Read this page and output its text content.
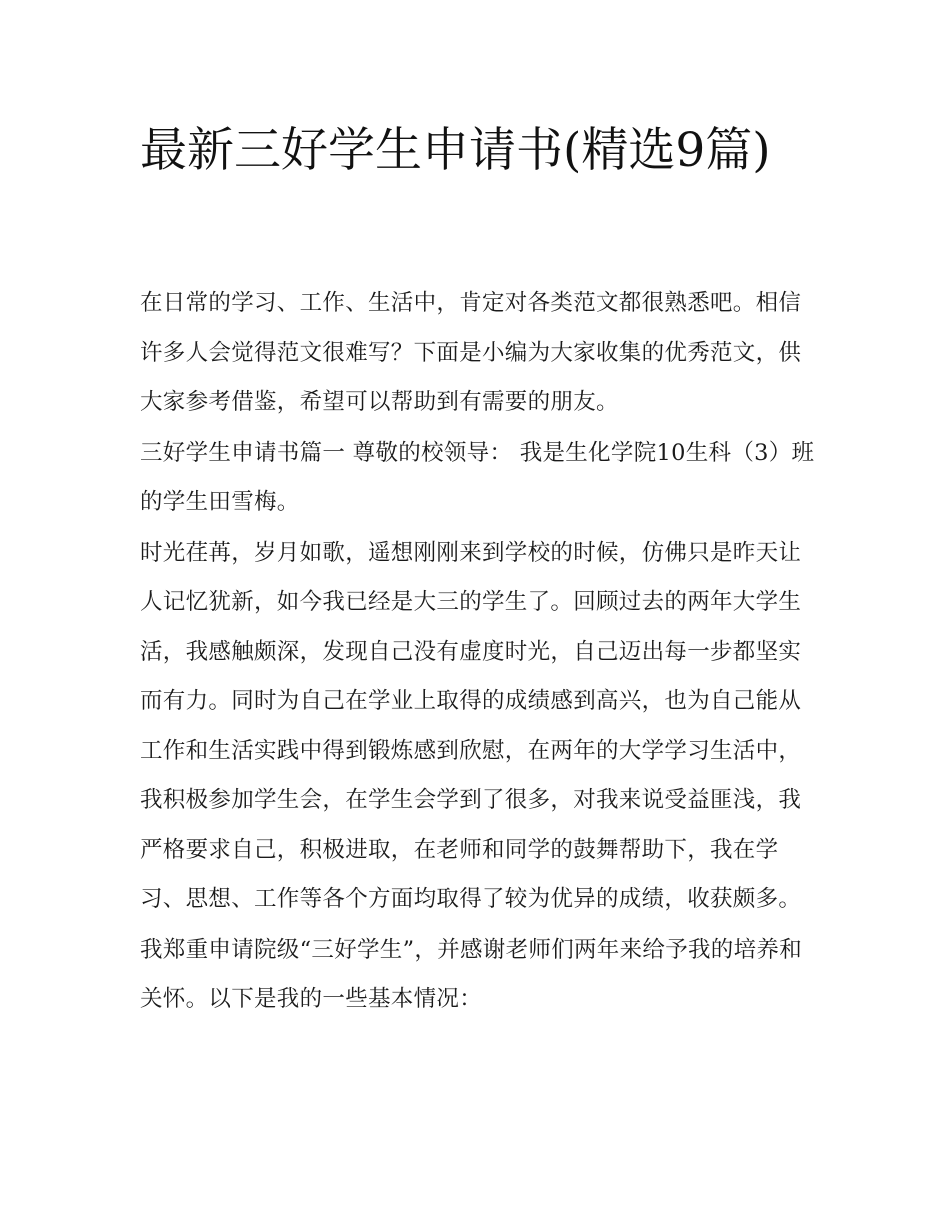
最新三好学生申请书(精选9篇)

在日常的学习、工作、生活中，肯定对各类范文都很熟悉吧。相信许多人会觉得范文很难写？下面是小编为大家收集的优秀范文，供大家参考借鉴，希望可以帮助到有需要的朋友。

三好学生申请书篇一 尊敬的校领导： 我是生化学院10生科（3）班的学生田雪梅。

时光荏苒，岁月如歌，遥想刚刚来到学校的时候，仿佛只是昨天让人记忆犹新，如今我已经是大三的学生了。回顾过去的两年大学生活，我感触颇深，发现自己没有虚度时光，自己迈出每一步都坚实而有力。同时为自己在学业上取得的成绩感到高兴，也为自己能从工作和生活实践中得到锻炼感到欣慰，在两年的大学学习生活中，我积极参加学生会，在学生会学到了很多，对我来说受益匪浅，我严格要求自己，积极进取，在老师和同学的鼓舞帮助下，我在学习、思想、工作等各个方面均取得了较为优异的成绩，收获颇多。

我郑重申请院级“三好学生”，并感谢老师们两年来给予我的培养和关怀。以下是我的一些基本情况：
